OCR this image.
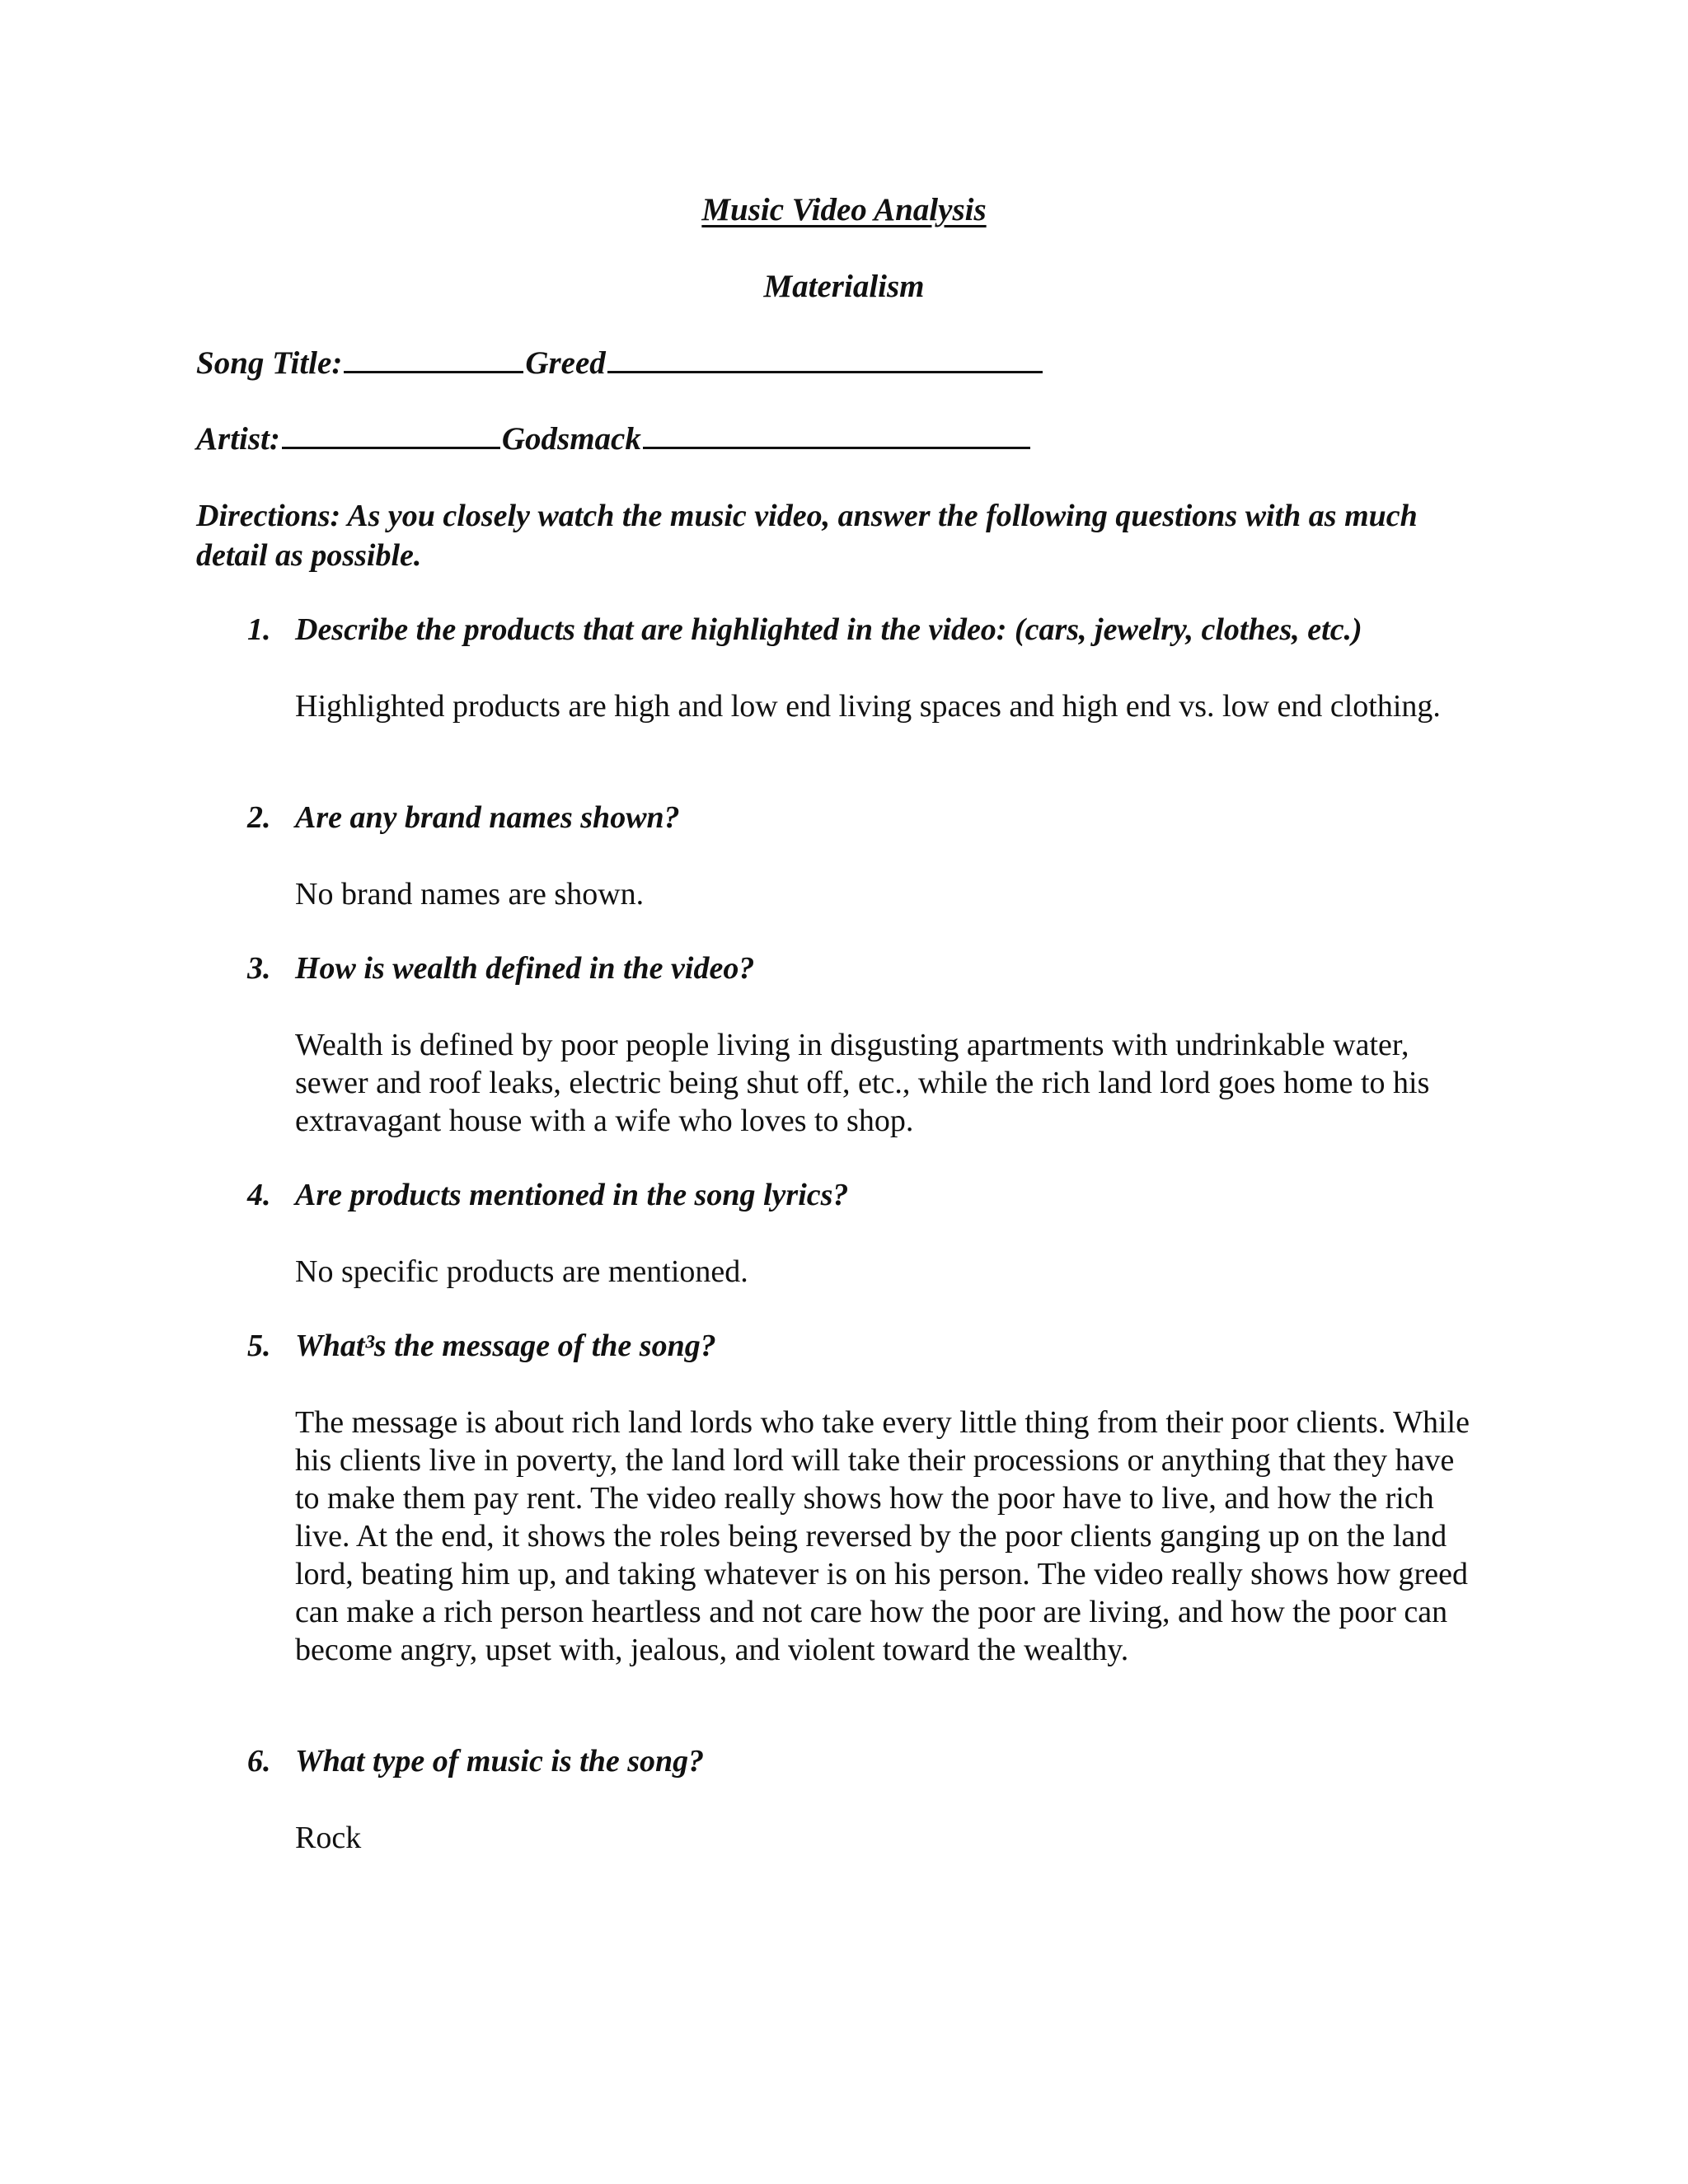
Music Video Analysis
Materialism
Song Title:	Greed
Artist:	Godsmack

Directions: As you closely watch the music video, answer the following questions with as much detail as possible.

1. Describe the products that are highlighted in the video: (cars, jewelry, clothes, etc.)

Highlighted products are high and low end living spaces and high end vs. low end clothing.

2. Are any brand names shown?

No brand names are shown.

3. How is wealth defined in the video?

Wealth is defined by poor people living in disgusting apartments with undrinkable water, sewer and roof leaks, electric being shut off, etc., while the rich land lord goes home to his extravagant house with a wife who loves to shop.

4. Are products mentioned in the song lyrics?

No specific products are mentioned.

5. What³s the message of the song?

The message is about rich land lords who take every little thing from their poor clients. While his clients live in poverty, the land lord will take their processions or anything that they have to make them pay rent. The video really shows how the poor have to live, and how the rich live. At the end, it shows the roles being reversed by the poor clients ganging up on the land lord, beating him up, and taking whatever is on his person. The video really shows how greed can make a rich person heartless and not care how the poor are living, and how the poor can become angry, upset with, jealous, and violent toward the wealthy.

6. What type of music is the song?

Rock
